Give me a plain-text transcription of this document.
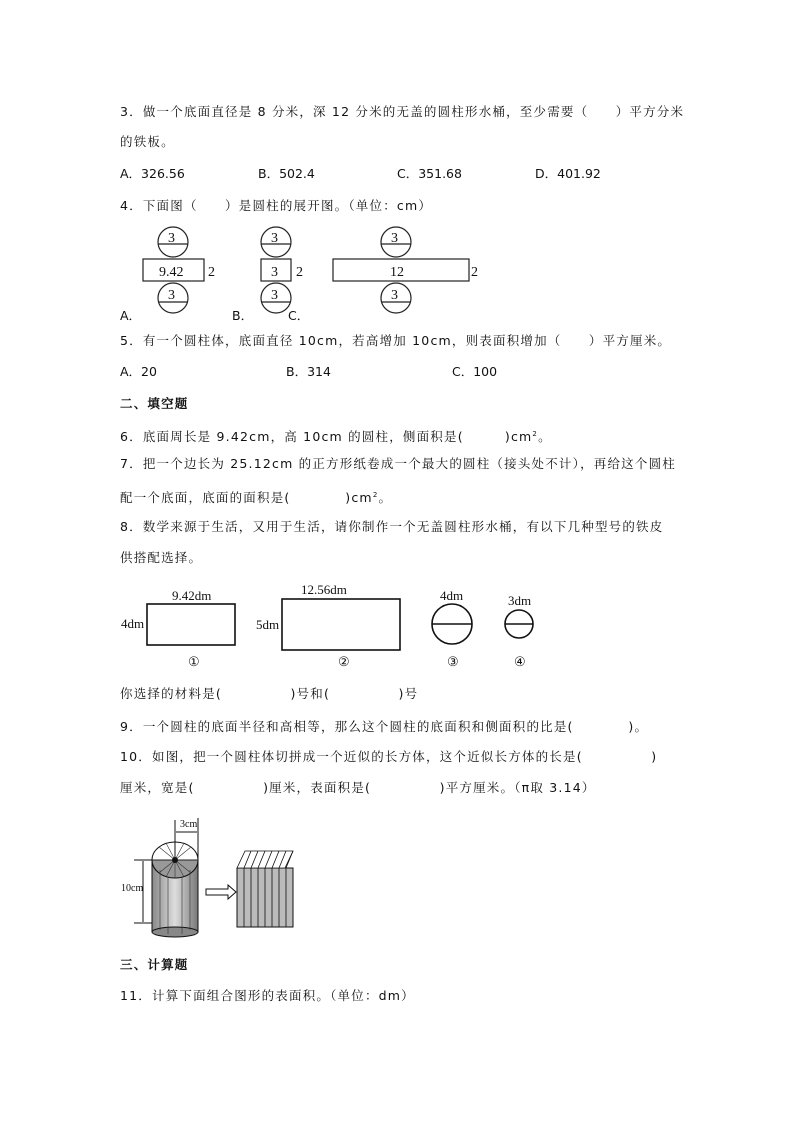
3．做一个底面直径是 8 分米，深 12 分米的无盖的圆柱形水桶，至少需要（　　）平方分米
的铁板。
A．326.56	B．502.4	C．351.68	D．401.92
4．下面图（　　）是圆柱的展开图。（单位：cm）
3
3
9.42 2
3
3
3 2
3
3
12	2
A．	B．	C．
5．有一个圆柱体，底面直径 10cm，若高增加 10cm，则表面积增加（　　）平方厘米。
A．20	B．314	C．100
二、填空题
6．底面周长是 9.42cm，高 10cm 的圆柱，侧面积是(　　　)$cm^2$。
7．把一个边长为 25.12cm 的正方形纸卷成一个最大的圆柱（接头处不计），再给这个圆柱
配一个底面，底面的面积是(　　　　)$cm^2$。
8．数学来源于生活，又用于生活，请你制作一个无盖圆柱形水桶，有以下几种型号的铁皮
供搭配选择。
9.42dm
4dm
12.56dm
5dm
4dm	3dm
①	②	③	④
你选择的材料是(　　　　　)号和(　　　　　)号
9．一个圆柱的底面半径和高相等，那么这个圆柱的底面积和侧面积的比是(　　　　)。
10．如图，把一个圆柱体切拼成一个近似的长方体，这个近似长方体的长是(　　　　　)
厘米，宽是(　　　　　)厘米，表面积是(　　　　　)平方厘米。（π取 3.14）
3cm
10cm
三、计算题
11．计算下面组合图形的表面积。（单位：dm）
